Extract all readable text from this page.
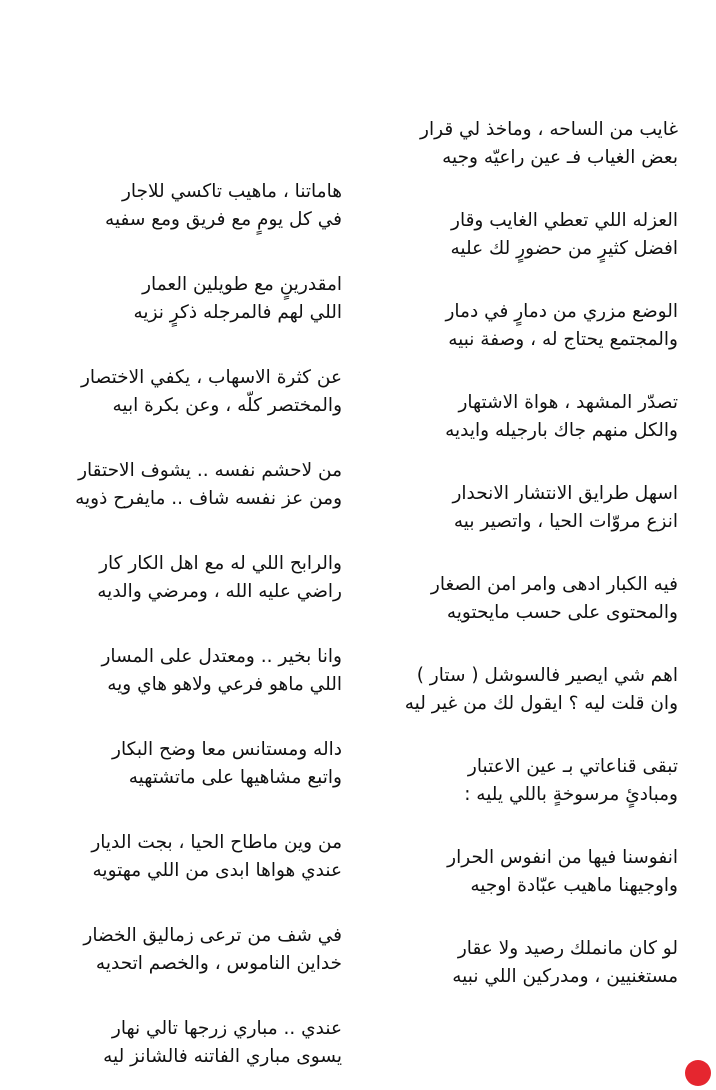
غايب من الساحه ، وماخذ لي قرار
بعض الغياب فـ عين راعيّه وجيه
العزله اللي تعطي الغايب وقار
افضل كثيرٍ من حضورٍ لك عليه
الوضع مزري من دمارٍ في دمار
والمجتمع يحتاج له ، وصفة نبيه
تصدّر المشهد ، هواة الاشتهار
والكل منهم جاك بارجيله وايديه
اسهل طرايق الانتشار الانحدار
انزع مروّات الحيا ، واتصير بيه
فيه الكبار ادهى وامر امن الصغار
والمحتوى على حسب مايحتويه
اهم شي ايصير فالسوشل ( ستار )
وان قلت ليه ؟ ايقول لك من غير ليه
تبقى قناعاتي بـ عين الاعتبار
ومبادئٍ مرسوخةٍ باللي يليه :
انفوسنا فيها من انفوس الحرار
واوجيهنا ماهيب عبّادة اوجيه
لو كان مانملك رصيد ولا عقار
مستغنيين ، ومدركين اللي نبيه
هاماتنا ، ماهيب تاكسي للاجار
في كل يومٍ مع فريق ومع سفيه
امقدرينٍ مع طويلين العمار
اللي لهم فالمرجله ذكرٍ نزيه
عن كثرة الاسهاب ، يكفي الاختصار
والمختصر كلّه ، وعن بكرة ابيه
من لاحشم نفسه .. يشوف الاحتقار
ومن عز نفسه شاف .. مايفرح ذويه
والرابح اللي له مع اهل الكار كار
راضي عليه الله ، ومرضي والديه
وانا بخير .. ومعتدل على المسار
اللي ماهو فرعي ولاهو هاي ويه
داله ومستانس معا وضح البكار
واتبع مشاهيها على ماتشتهيه
من وين ماطاح الحيا ، بجت الديار
عندي هواها ابدى من اللي مهتويه
في شف من ترعى زماليق الخضار
خداين الناموس ، والخصم اتحديه
عندي .. مباري زرجها تالي نهار
يسوى مباري الفاتنه فالشانز ليه
